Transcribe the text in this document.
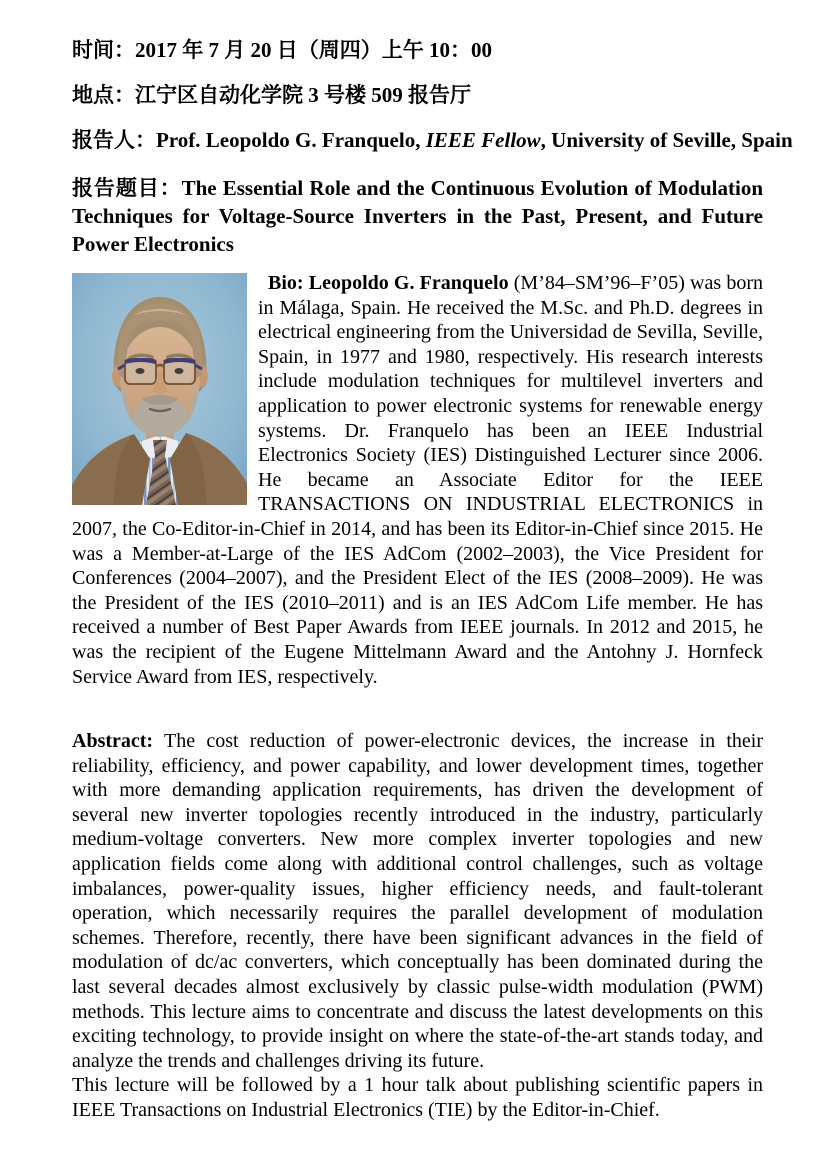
时间：2017 年 7 月 20 日（周四）上午 10：00

地点：江宁区自动化学院 3 号楼 509 报告厅

报告人：Prof. Leopoldo G. Franquelo, IEEE Fellow, University of Seville, Spain

报告题目：The Essential Role and the Continuous Evolution of Modulation Techniques for Voltage-Source Inverters in the Past, Present, and Future Power Electronics

Bio: Leopoldo G. Franquelo (M’84–SM’96–F’05) was born in Málaga, Spain. He received the M.Sc. and Ph.D. degrees in electrical engineering from the Universidad de Sevilla, Seville, Spain, in 1977 and 1980, respectively. His research interests include modulation techniques for multilevel inverters and application to power electronic systems for renewable energy systems. Dr. Franquelo has been an IEEE Industrial Electronics Society (IES) Distinguished Lecturer since 2006. He became an Associate Editor for the IEEE TRANSACTIONS ON INDUSTRIAL ELECTRONICS in 2007, the Co-Editor-in-Chief in 2014, and has been its Editor-in-Chief since 2015. He was a Member-at-Large of the IES AdCom (2002–2003), the Vice President for Conferences (2004–2007), and the President Elect of the IES (2008–2009). He was the President of the IES (2010–2011) and is an IES AdCom Life member. He has received a number of Best Paper Awards from IEEE journals. In 2012 and 2015, he was the recipient of the Eugene Mittelmann Award and the Antohny J. Hornfeck Service Award from IES, respectively.

Abstract: The cost reduction of power-electronic devices, the increase in their reliability, efficiency, and power capability, and lower development times, together with more demanding application requirements, has driven the development of several new inverter topologies recently introduced in the industry, particularly medium-voltage converters. New more complex inverter topologies and new application fields come along with additional control challenges, such as voltage imbalances, power-quality issues, higher efficiency needs, and fault-tolerant operation, which necessarily requires the parallel development of modulation schemes. Therefore, recently, there have been significant advances in the field of modulation of dc/ac converters, which conceptually has been dominated during the last several decades almost exclusively by classic pulse-width modulation (PWM) methods. This lecture aims to concentrate and discuss the latest developments on this exciting technology, to provide insight on where the state-of-the-art stands today, and analyze the trends and challenges driving its future.

This lecture will be followed by a 1 hour talk about publishing scientific papers in IEEE Transactions on Industrial Electronics (TIE) by the Editor-in-Chief.
